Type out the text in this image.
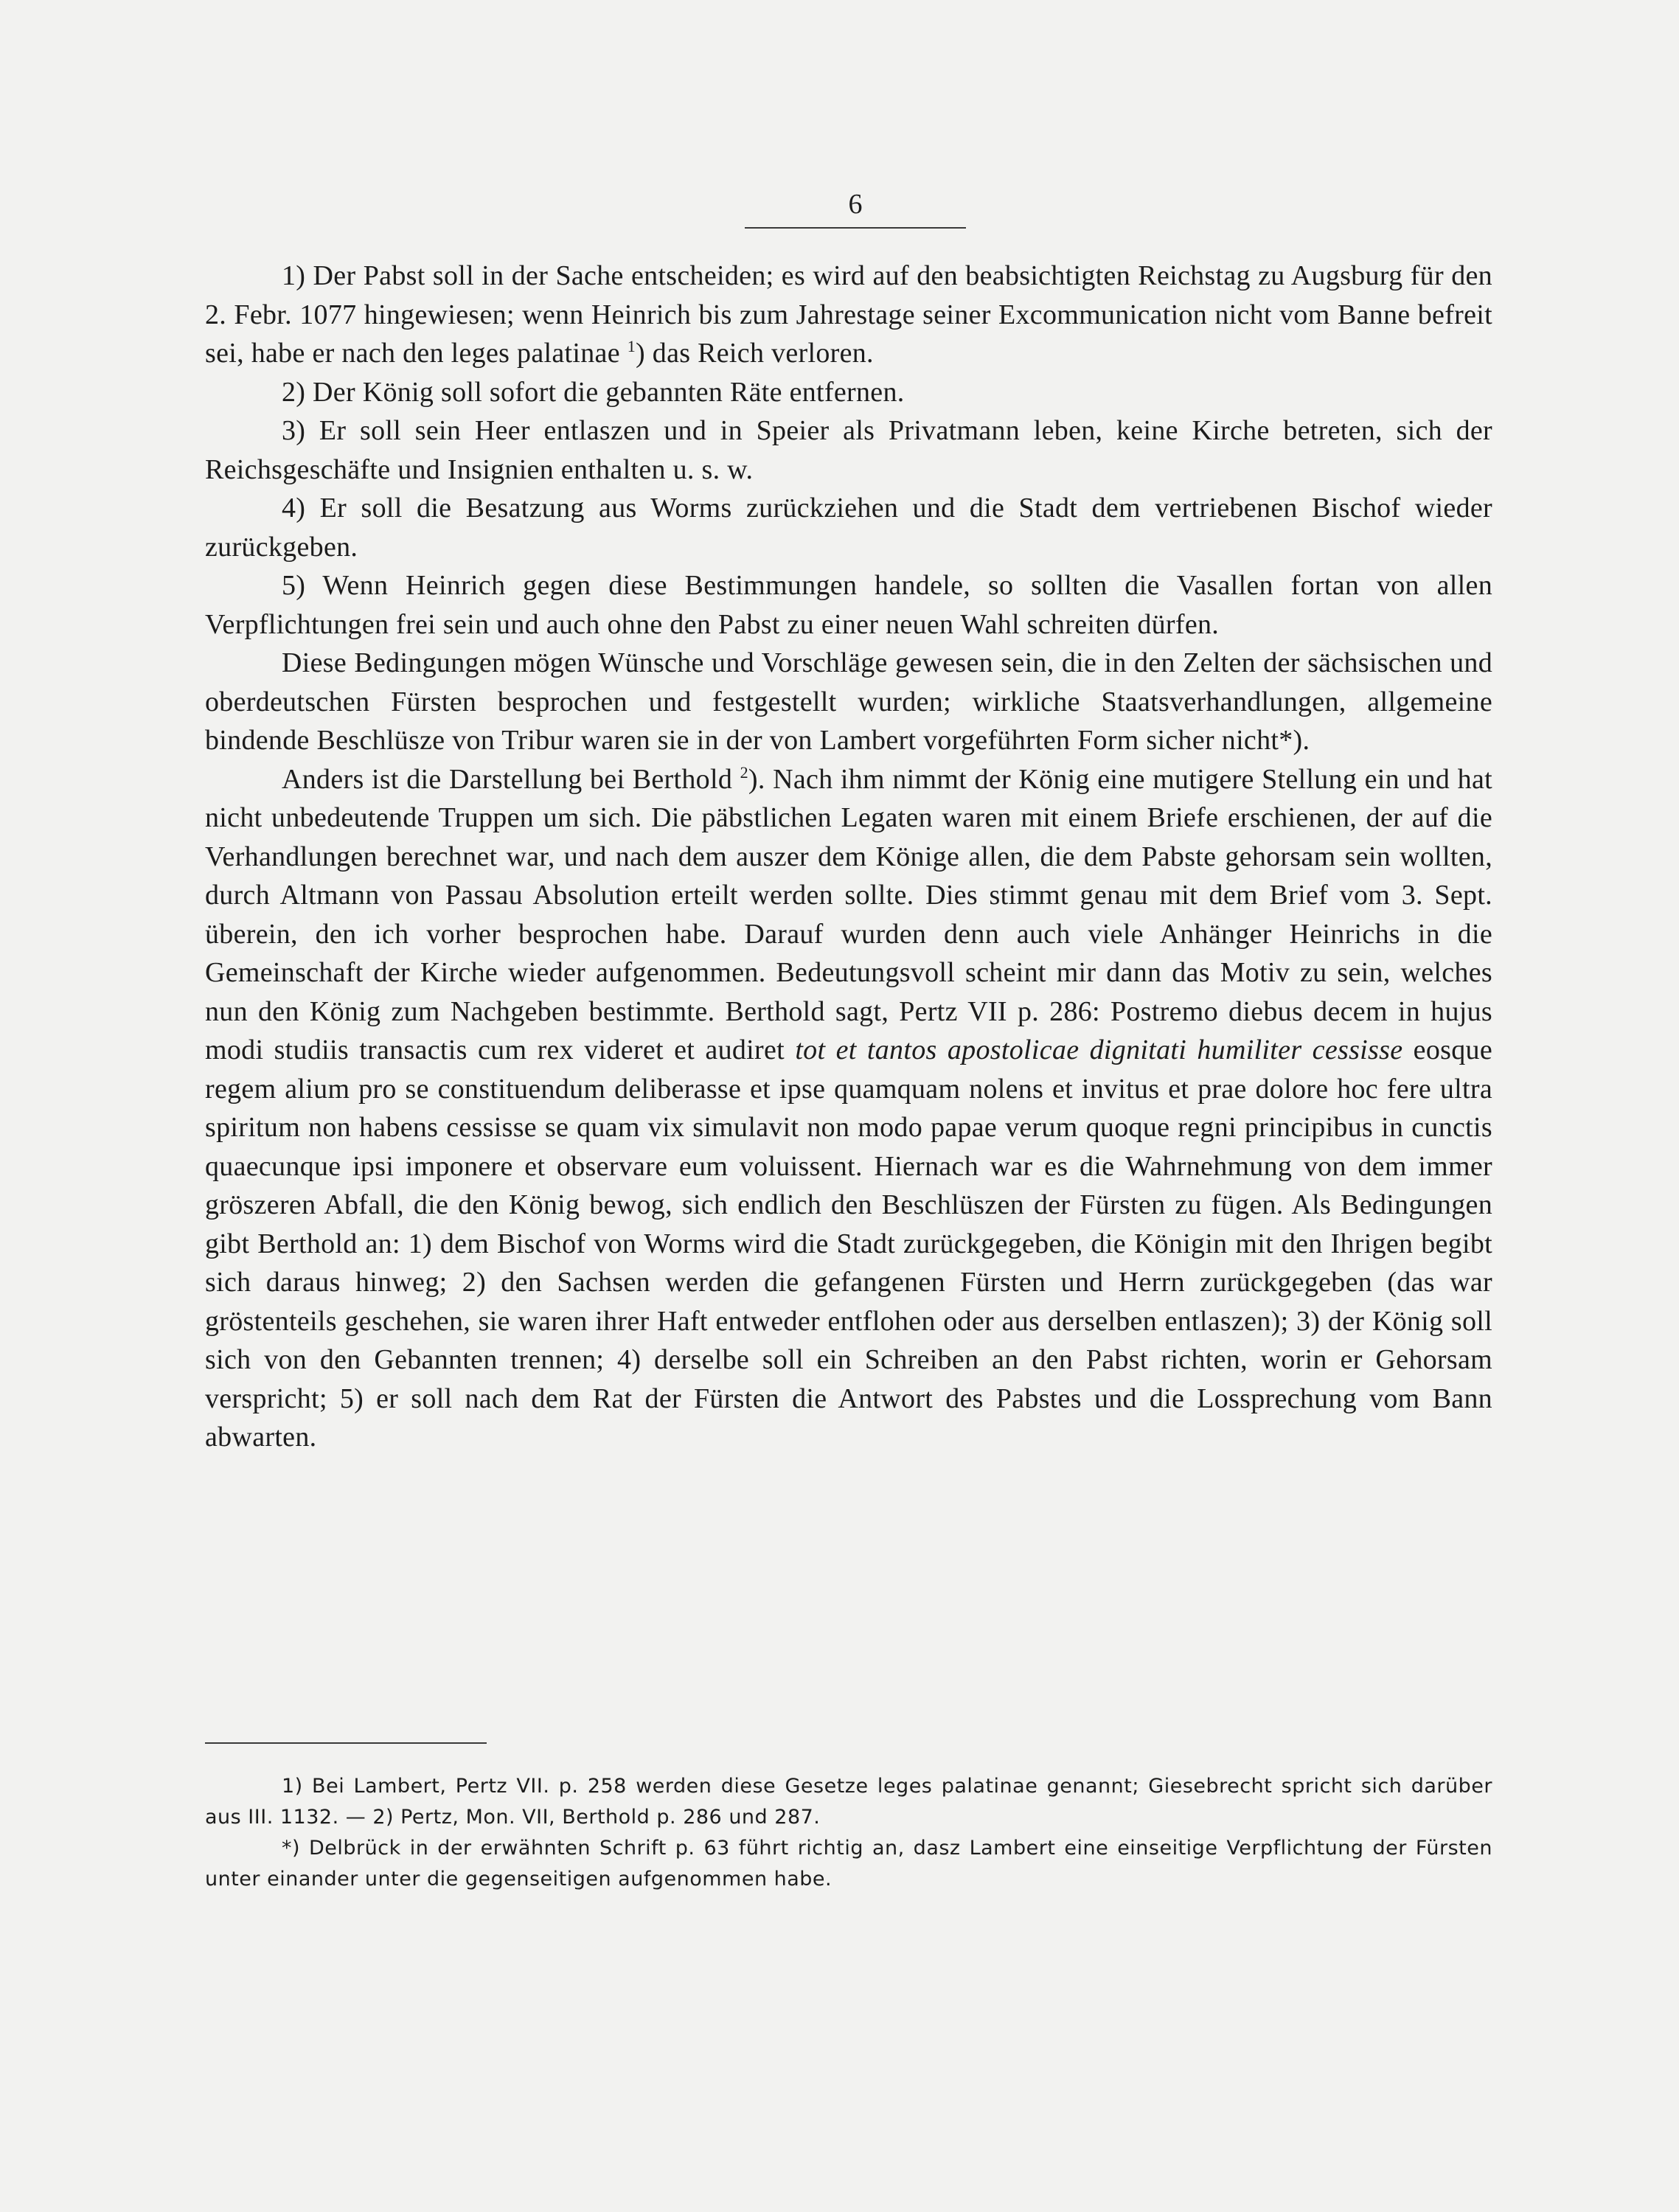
6

1) Der Pabst soll in der Sache entscheiden; es wird auf den beabsichtigten Reichstag zu Augsburg für den 2. Febr. 1077 hingewiesen; wenn Heinrich bis zum Jahrestage seiner Excommunication nicht vom Banne befreit sei, habe er nach den leges palatinae $^1$) das Reich verloren.

2) Der König soll sofort die gebannten Räte entfernen.

3) Er soll sein Heer entlaszen und in Speier als Privatmann leben, keine Kirche betreten, sich der Reichsgeschäfte und Insignien enthalten u. s. w.

4) Er soll die Besatzung aus Worms zurückziehen und die Stadt dem vertriebenen Bischof wieder zurückgeben.

5) Wenn Heinrich gegen diese Bestimmungen handele, so sollten die Vasallen fortan von allen Verpflichtungen frei sein und auch ohne den Pabst zu einer neuen Wahl schreiten dürfen.

Diese Bedingungen mögen Wünsche und Vorschläge gewesen sein, die in den Zelten der sächsischen und oberdeutschen Fürsten besprochen und festgestellt wurden; wirkliche Staatsverhandlungen, allgemeine bindende Beschlüsze von Tribur waren sie in der von Lambert vorgeführten Form sicher nicht*).

Anders ist die Darstellung bei Berthold $^2$). Nach ihm nimmt der König eine mutigere Stellung ein und hat nicht unbedeutende Truppen um sich. Die päbstlichen Legaten waren mit einem Briefe erschienen, der auf die Verhandlungen berechnet war, und nach dem auszer dem Könige allen, die dem Pabste gehorsam sein wollten, durch Altmann von Passau Absolution erteilt werden sollte. Dies stimmt genau mit dem Brief vom 3. Sept. überein, den ich vorher besprochen habe. Darauf wurden denn auch viele Anhänger Heinrichs in die Gemeinschaft der Kirche wieder aufgenommen. Bedeutungsvoll scheint mir dann das Motiv zu sein, welches nun den König zum Nachgeben bestimmte. Berthold sagt, Pertz VII p. 286: Postremo diebus decem in hujus modi studiis transactis cum rex videret et audiret tot et tantos apostolicae dignitati humiliter cessisse eosque regem alium pro se constituendum deliberasse et ipse quamquam nolens et invitus et prae dolore hoc fere ultra spiritum non habens cessisse se quam vix simulavit non modo papae verum quoque regni principibus in cunctis quaecunque ipsi imponere et observare eum voluissent. Hiernach war es die Wahrnehmung von dem immer gröszeren Abfall, die den König bewog, sich endlich den Beschlüszen der Fürsten zu fügen. Als Bedingungen gibt Berthold an: 1) dem Bischof von Worms wird die Stadt zurückgegeben, die Königin mit den Ihrigen begibt sich daraus hinweg; 2) den Sachsen werden die gefangenen Fürsten und Herrn zurückgegeben (das war gröstenteils geschehen, sie waren ihrer Haft entweder entflohen oder aus derselben entlaszen); 3) der König soll sich von den Gebannten trennen; 4) derselbe soll ein Schreiben an den Pabst richten, worin er Gehorsam verspricht; 5) er soll nach dem Rat der Fürsten die Antwort des Pabstes und die Lossprechung vom Bann abwarten.

1) Bei Lambert, Pertz VII. p. 258 werden diese Gesetze leges palatinae genannt; Giesebrecht spricht sich darüber aus III. 1132. — 2) Pertz, Mon. VII, Berthold p. 286 und 287.

*) Delbrück in der erwähnten Schrift p. 63 führt richtig an, dasz Lambert eine einseitige Verpflichtung der Fürsten unter einander unter die gegenseitigen aufgenommen habe.
